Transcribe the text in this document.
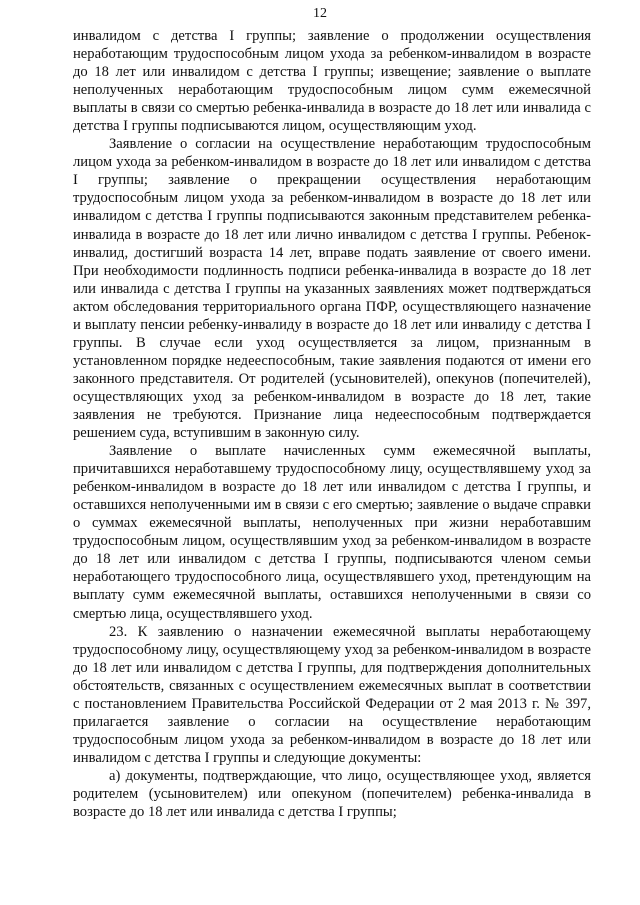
12

инвалидом с детства I группы; заявление о продолжении осуществления неработающим трудоспособным лицом ухода за ребенком-инвалидом в возрасте до 18 лет или инвалидом с детства I группы; извещение; заявление о выплате неполученных неработающим трудоспособным лицом сумм ежемесячной выплаты в связи со смертью ребенка-инвалида в возрасте до 18 лет или инвалида с детства I группы подписываются лицом, осуществляющим уход.

Заявление о согласии на осуществление неработающим трудоспособным лицом ухода за ребенком-инвалидом в возрасте до 18 лет или инвалидом с детства I группы; заявление о прекращении осуществления неработающим трудоспособным лицом ухода за ребенком-инвалидом в возрасте до 18 лет или инвалидом с детства I группы подписываются законным представителем ребенка-инвалида в возрасте до 18 лет или лично инвалидом с детства I группы. Ребенок-инвалид, достигший возраста 14 лет, вправе подать заявление от своего имени. При необходимости подлинность подписи ребенка-инвалида в возрасте до 18 лет или инвалида с детства I группы на указанных заявлениях может подтверждаться актом обследования территориального органа ПФР, осуществляющего назначение и выплату пенсии ребенку-инвалиду в возрасте до 18 лет или инвалиду с детства I группы. В случае если уход осуществляется за лицом, признанным в установленном порядке недееспособным, такие заявления подаются от имени его законного представителя. От родителей (усыновителей), опекунов (попечителей), осуществляющих уход за ребенком-инвалидом в возрасте до 18 лет, такие заявления не требуются. Признание лица недееспособным подтверждается решением суда, вступившим в законную силу.

Заявление о выплате начисленных сумм ежемесячной выплаты, причитавшихся неработавшему трудоспособному лицу, осуществлявшему уход за ребенком-инвалидом в возрасте до 18 лет или инвалидом с детства I группы, и оставшихся неполученными им в связи с его смертью; заявление о выдаче справки о суммах ежемесячной выплаты, неполученных при жизни неработавшим трудоспособным лицом, осуществлявшим уход за ребенком-инвалидом в возрасте до 18 лет или инвалидом с детства I группы, подписываются членом семьи неработающего трудоспособного лица, осуществлявшего уход, претендующим на выплату сумм ежемесячной выплаты, оставшихся неполученными в связи со смертью лица, осуществлявшего уход.

23. К заявлению о назначении ежемесячной выплаты неработающему трудоспособному лицу, осуществляющему уход за ребенком-инвалидом в возрасте до 18 лет или инвалидом с детства I группы, для подтверждения дополнительных обстоятельств, связанных с осуществлением ежемесячных выплат в соответствии с постановлением Правительства Российской Федерации от 2 мая 2013 г. № 397, прилагается заявление о согласии на осуществление неработающим трудоспособным лицом ухода за ребенком-инвалидом в возрасте до 18 лет или инвалидом с детства I группы и следующие документы:

а) документы, подтверждающие, что лицо, осуществляющее уход, является родителем (усыновителем) или опекуном (попечителем) ребенка-инвалида в возрасте до 18 лет или инвалида с детства I группы;
